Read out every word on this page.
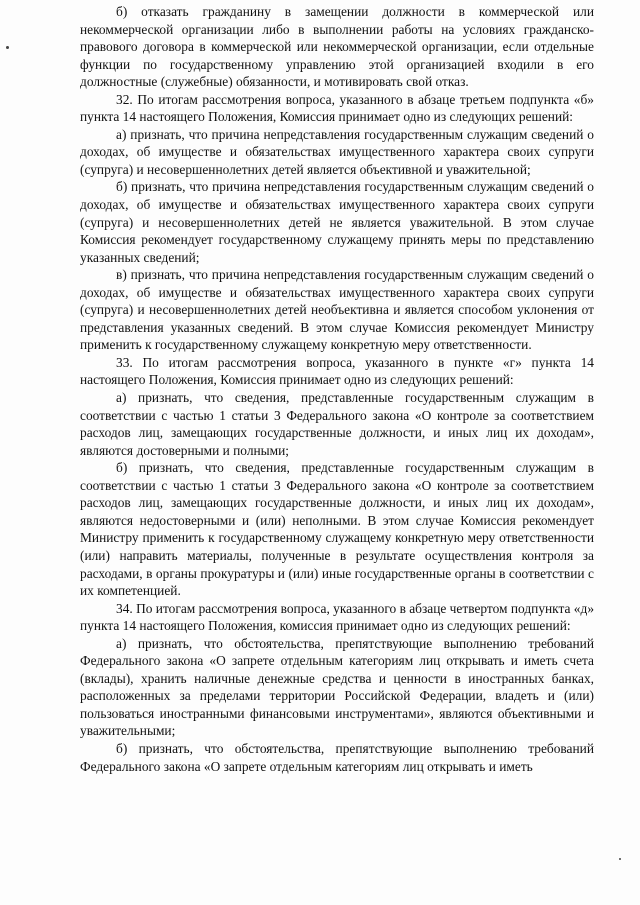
б) отказать гражданину в замещении должности в коммерческой или некоммерческой организации либо в выполнении работы на условиях гражданско-правового договора в коммерческой или некоммерческой организации, если отдельные функции по государственному управлению этой организацией входили в его должностные (служебные) обязанности, и мотивировать свой отказ.

32. По итогам рассмотрения вопроса, указанного в абзаце третьем подпункта «б» пункта 14 настоящего Положения, Комиссия принимает одно из следующих решений:

а) признать, что причина непредставления государственным служащим сведений о доходах, об имуществе и обязательствах имущественного характера своих супруги (супруга) и несовершеннолетних детей является объективной и уважительной;

б) признать, что причина непредставления государственным служащим сведений о доходах, об имуществе и обязательствах имущественного характера своих супруги (супруга) и несовершеннолетних детей не является уважительной. В этом случае Комиссия рекомендует государственному служащему принять меры по представлению указанных сведений;

в) признать, что причина непредставления государственным служащим сведений о доходах, об имуществе и обязательствах имущественного характера своих супруги (супруга) и несовершеннолетних детей необъективна и является способом уклонения от представления указанных сведений. В этом случае Комиссия рекомендует Министру применить к государственному служащему конкретную меру ответственности.

33. По итогам рассмотрения вопроса, указанного в пункте «г» пункта 14 настоящего Положения, Комиссия принимает одно из следующих решений:

а) признать, что сведения, представленные государственным служащим в соответствии с частью 1 статьи 3 Федерального закона «О контроле за соответствием расходов лиц, замещающих государственные должности, и иных лиц их доходам», являются достоверными и полными;

б) признать, что сведения, представленные государственным служащим в соответствии с частью 1 статьи 3 Федерального закона «О контроле за соответствием расходов лиц, замещающих государственные должности, и иных лиц их доходам», являются недостоверными и (или) неполными. В этом случае Комиссия рекомендует Министру применить к государственному служащему конкретную меру ответственности (или) направить материалы, полученные в результате осуществления контроля за расходами, в органы прокуратуры и (или) иные государственные органы в соответствии с их компетенцией.

34. По итогам рассмотрения вопроса, указанного в абзаце четвертом подпункта «д» пункта 14 настоящего Положения, комиссия принимает одно из следующих решений:

а) признать, что обстоятельства, препятствующие выполнению требований Федерального закона «О запрете отдельным категориям лиц открывать и иметь счета (вклады), хранить наличные денежные средства и ценности в иностранных банках, расположенных за пределами территории Российской Федерации, владеть и (или) пользоваться иностранными финансовыми инструментами», являются объективными и уважительными;

б) признать, что обстоятельства, препятствующие выполнению требований Федерального закона «О запрете отдельным категориям лиц открывать и иметь
